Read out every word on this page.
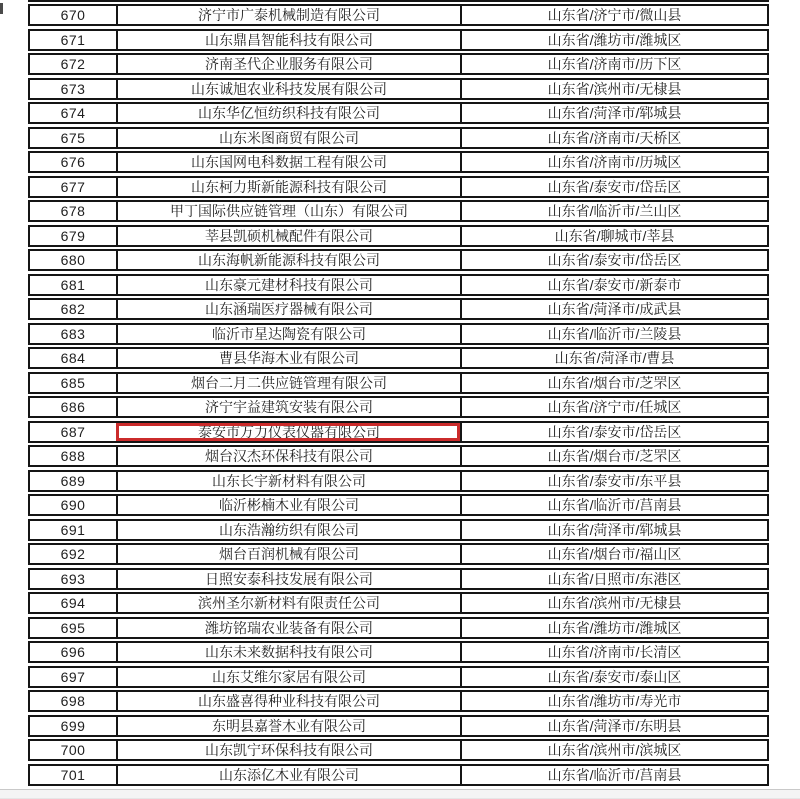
670	济宁市广泰机械制造有限公司	山东省/济宁市/微山县
671	山东鼎昌智能科技有限公司	山东省/潍坊市/潍城区
672	济南圣代企业服务有限公司	山东省/济南市/历下区
673	山东诚旭农业科技发展有限公司	山东省/滨州市/无棣县
674	山东华亿恒纺织科技有限公司	山东省/菏泽市/郓城县
675	山东米图商贸有限公司	山东省/济南市/天桥区
676	山东国网电科数据工程有限公司	山东省/济南市/历城区
677	山东柯力斯新能源科技有限公司	山东省/泰安市/岱岳区
678	甲丁国际供应链管理（山东）有限公司	山东省/临沂市/兰山区
679	莘县凯硕机械配件有限公司	山东省/聊城市/莘县
680	山东海帆新能源科技有限公司	山东省/泰安市/岱岳区
681	山东豪元建材科技有限公司	山东省/泰安市/新泰市
682	山东涵瑞医疗器械有限公司	山东省/菏泽市/成武县
683	临沂市星达陶瓷有限公司	山东省/临沂市/兰陵县
684	曹县华海木业有限公司	山东省/菏泽市/曹县
685	烟台二月二供应链管理有限公司	山东省/烟台市/芝罘区
686	济宁宇益建筑安装有限公司	山东省/济宁市/任城区
687	泰安市万力仪表仪器有限公司	山东省/泰安市/岱岳区
688	烟台汉杰环保科技有限公司	山东省/烟台市/芝罘区
689	山东长宇新材料有限公司	山东省/泰安市/东平县
690	临沂彬楠木业有限公司	山东省/临沂市/莒南县
691	山东浩瀚纺织有限公司	山东省/菏泽市/郓城县
692	烟台百润机械有限公司	山东省/烟台市/福山区
693	日照安泰科技发展有限公司	山东省/日照市/东港区
694	滨州圣尔新材料有限责任公司	山东省/滨州市/无棣县
695	潍坊铭瑞农业装备有限公司	山东省/潍坊市/潍城区
696	山东未来数据科技有限公司	山东省/济南市/长清区
697	山东艾维尔家居有限公司	山东省/泰安市/泰山区
698	山东盛喜得种业科技有限公司	山东省/潍坊市/寿光市
699	东明县嘉誉木业有限公司	山东省/菏泽市/东明县
700	山东凯宁环保科技有限公司	山东省/滨州市/滨城区
701	山东添亿木业有限公司	山东省/临沂市/莒南县
